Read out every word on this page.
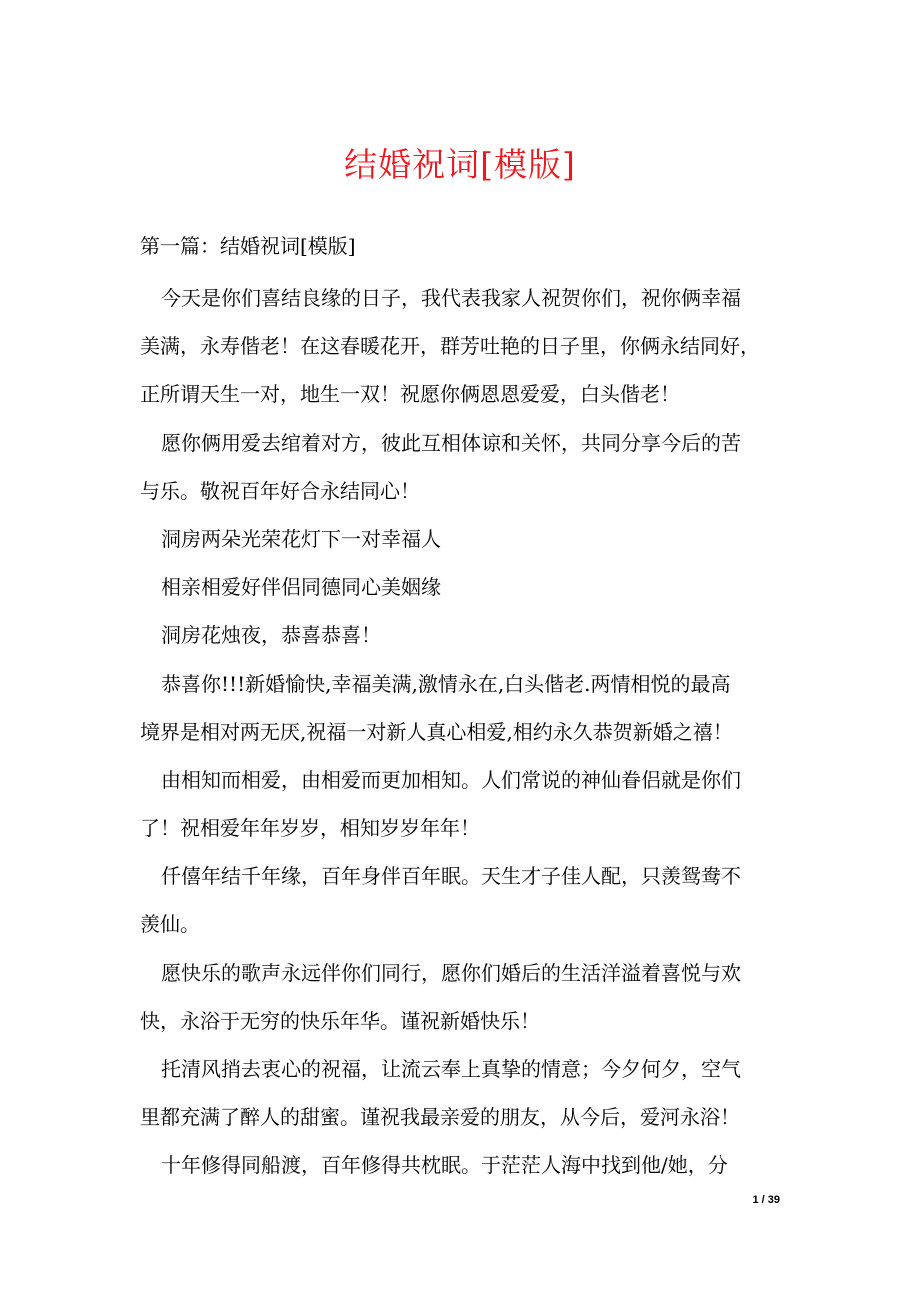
结婚祝词[模版]
第一篇：结婚祝词[模版]
今天是你们喜结良缘的日子，我代表我家人祝贺你们，祝你俩幸福
美满，永寿偕老！在这春暖花开，群芳吐艳的日子里，你俩永结同好，
正所谓天生一对，地生一双！祝愿你俩恩恩爱爱，白头偕老！
愿你俩用爱去绾着对方，彼此互相体谅和关怀，共同分享今后的苦
与乐。敬祝百年好合永结同心！
洞房两朵光荣花灯下一对幸福人
相亲相爱好伴侣同德同心美姻缘
洞房花烛夜，恭喜恭喜！
恭喜你!!!新婚愉快,幸福美满,激情永在,白头偕老.两情相悦的最高
境界是相对两无厌,祝福一对新人真心相爱,相约永久恭贺新婚之禧！
由相知而相爱，由相爱而更加相知。人们常说的神仙眷侣就是你们
了！祝相爱年年岁岁，相知岁岁年年！
仟僖年结千年缘，百年身伴百年眠。天生才子佳人配，只羡鸳鸯不
羡仙。
愿快乐的歌声永远伴你们同行，愿你们婚后的生活洋溢着喜悦与欢
快，永浴于无穷的快乐年华。谨祝新婚快乐！
托清风捎去衷心的祝福，让流云奉上真挚的情意；今夕何夕，空气
里都充满了醉人的甜蜜。谨祝我最亲爱的朋友，从今后，爱河永浴！
十年修得同船渡，百年修得共枕眠。于茫茫人海中找到他/她，分
1 / 39
